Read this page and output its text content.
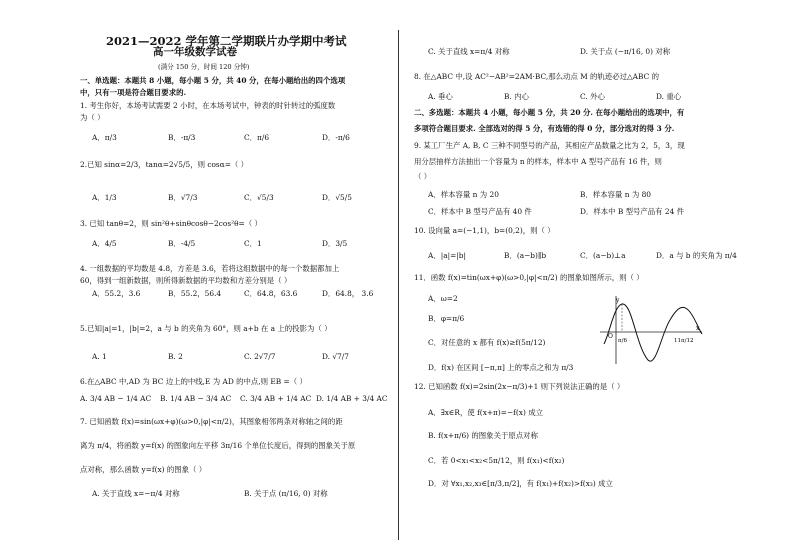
2021—2022 学年第二学期联片办学期中考试
高一年级数学试卷
(满分 150 分，时间 120 分钟)
一、单选题：本题共 8 小题，每小题 5 分，共 40 分，在每小题给出的四个选项
中，只有一项是符合题目要求的.
1. 考生你好，本场考试需要 2 小时，在本场考试中，钟表的时针转过的弧度数
为（ ）
A．π/3	B．-π/3	C．π/6	D．-π/6
2.已知 sinα=2/3，tanα=2√5/5，则 cosα=（ ）
A．1/3	B．√7/3	C．√5/3	D．√5/5
3. 已知 tanθ=2，则 sin²θ+sinθcosθ−2cos²θ=（ ）
A．4/5	B．-4/5	C．1	D．3/5
4. 一组数据的平均数是 4.8，方差是 3.6，若将这组数据中的每一个数据都加上
60，得到一组新数据，则所得新数据的平均数和方差分别是（ ）
A．55.2，3.6	B．55.2，56.4	C．64.8，63.6	D．64.8， 3.6
5.已知|a|=1，|b|=2，a 与 b 的夹角为 60°，则 a+b 在 a 上的投影为（ ）
A. 1	B. 2	C. 2√7/7	D. √7/7
6.在△ABC 中,AD 为 BC 边上的中线,E 为 AD 的中点,则 EB =（ ）
A. 3/4 AB − 1/4 AC B. 1/4 AB − 3/4 AC C. 3/4 AB + 1/4 AC D. 1/4 AB + 3/4 AC
7. 已知函数 f(x)=sin(ωx+φ)(ω>0,|φ|<π/2)，其图象相邻两条对称轴之间的距
离为 π/4，将函数 y=f(x) 的图象向左平移 3π/16 个单位长度后，得到的图象关于原
点对称，那么函数 y=f(x) 的图象（ ）
A. 关于直线 x=−π/4 对称	B. 关于点 (π/16, 0) 对称
C. 关于直线 x=π/4 对称	D. 关于点 (−π/16, 0) 对称
8. 在△ABC 中,设 AC²−AB²=2AM·BC,那么动点 M 的轨迹必过△ABC 的
A. 垂心	B. 内心	C. 外心	D. 重心
二、多选题：本题共 4 小题，每小题 5 分，共 20 分. 在每小题给出的选项中，有
多项符合题目要求. 全部选对的得 5 分，有选错的得 0 分，部分选对的得 3 分.
9. 某工厂生产 A, B, C 三种不同型号的产品，其相应产品数量之比为 2，5，3，现
用分层抽样方法抽出一个容量为 n 的样本，样本中 A 型号产品有 16 件，则
（ ）
A．样本容量 n 为 20	B．样本容量 n 为 80
C．样本中 B 型号产品有 40 件	D．样本中 B 型号产品有 24 件
10. 设向量 a=(−1,1)，b=(0,2)，则（ ）
A．|a|=|b|	B．(a−b)∥b	C．(a−b)⊥a	D．a 与 b 的夹角为 π/4
11．函数 f(x)=tin(ωx+φ)(ω>0,|φ|<π/2) 的图象如图所示，则（ ）
A．ω=2
B．φ=π/6
C．对任意的 x 都有 f(x)≥f(5π/12)
D．f(x) 在区间 [−π,π] 上的零点之和为 π/3
y
O
π/6	11π/12
x
12. 已知函数 f(x)=2sin(2x−π/3)+1 则下列说法正确的是（ ）
A．∃x∈R，使 f(x+π)=−f(x) 成立
B. f(x+π/6) 的图象关于原点对称
C．若 0<x₁<x₂<5π/12，则 f(x₁)<f(x₂)
D．对 ∀x₁,x₂,x₃∈[π/3,π/2]，有 f(x₁)+f(x₂)>f(x₃) 成立
